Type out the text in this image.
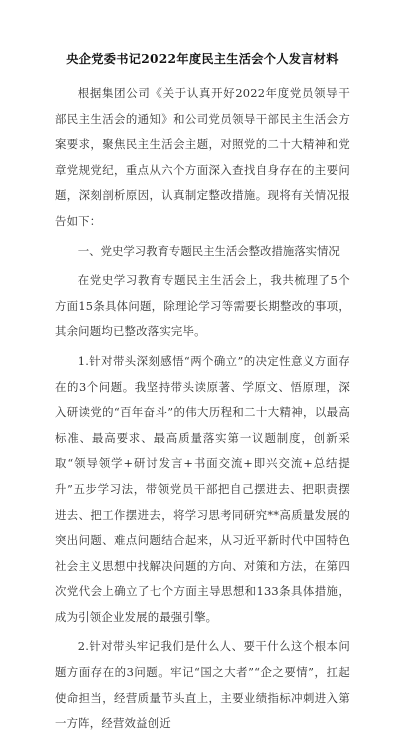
央企党委书记2022年度民主生活会个人发言材料

根据集团公司《关于认真开好2022年度党员领导干部民主生活会的通知》和公司党员领导干部民主生活会方案要求，聚焦民主生活会主题，对照党的二十大精神和党章党规党纪，重点从六个方面深入查找自身存在的主要问题，深刻剖析原因，认真制定整改措施。现将有关情况报告如下：

一、党史学习教育专题民主生活会整改措施落实情况

在党史学习教育专题民主生活会上，我共梳理了5个方面15条具体问题，除理论学习等需要长期整改的事项，其余问题均已整改落实完毕。

1.针对带头深刻感悟“两个确立”的决定性意义方面存在的3个问题。我坚持带头读原著、学原文、悟原理，深入研读党的“百年奋斗”的伟大历程和二十大精神，以最高标准、最高要求、最高质量落实第一议题制度，创新采取“领导领学+研讨发言+书面交流+即兴交流+总结提升”五步学习法，带领党员干部把自己摆进去、把职责摆进去、把工作摆进去，将学习思考同研究**高质量发展的突出问题、难点问题结合起来，从习近平新时代中国特色社会主义思想中找解决问题的方向、对策和方法，在第四次党代会上确立了七个方面主导思想和133条具体措施，成为引领企业发展的最强引擎。

2.针对带头牢记我们是什么人、要干什么这个根本问题方面存在的3问题。牢记“国之大者”“企之要情”，扛起使命担当，经营质量节头直上，主要业绩指标冲刺进入第一方阵，经营效益创近
